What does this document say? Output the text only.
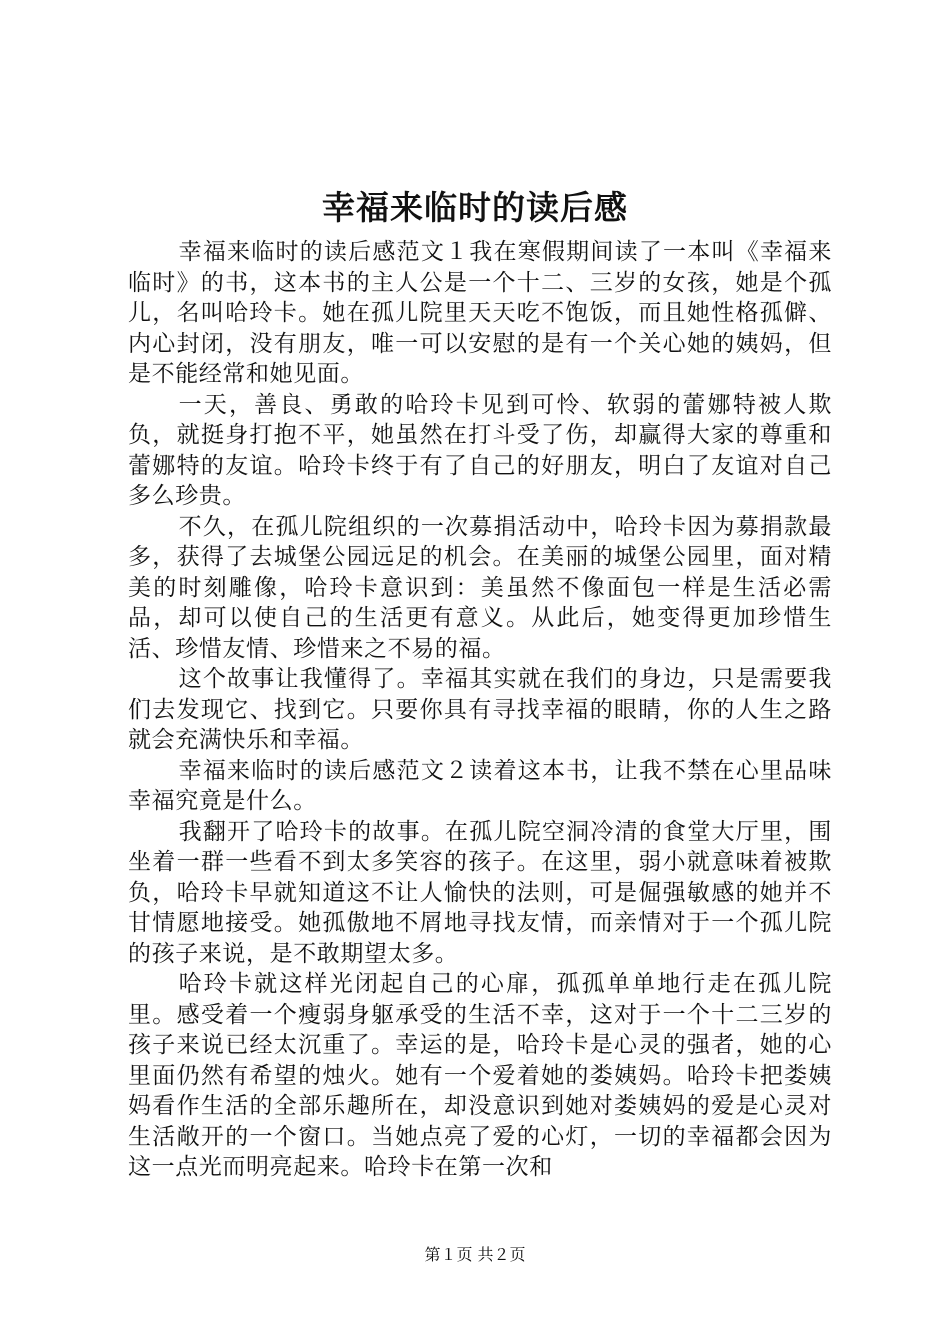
幸福来临时的读后感

幸福来临时的读后感范文１我在寒假期间读了一本叫《幸福来临时》的书，这本书的主人公是一个十二、三岁的女孩，她是个孤儿，名叫哈玲卡。她在孤儿院里天天吃不饱饭，而且她性格孤僻、内心封闭，没有朋友，唯一可以安慰的是有一个关心她的姨妈，但是不能经常和她见面。

一天，善良、勇敢的哈玲卡见到可怜、软弱的蕾娜特被人欺负，就挺身打抱不平，她虽然在打斗受了伤，却赢得大家的尊重和蕾娜特的友谊。哈玲卡终于有了自己的好朋友，明白了友谊对自己多么珍贵。

不久，在孤儿院组织的一次募捐活动中，哈玲卡因为募捐款最多，获得了去城堡公园远足的机会。在美丽的城堡公园里，面对精美的时刻雕像，哈玲卡意识到：美虽然不像面包一样是生活必需品，却可以使自己的生活更有意义。从此后，她变得更加珍惜生活、珍惜友情、珍惜来之不易的福。

这个故事让我懂得了。幸福其实就在我们的身边，只是需要我们去发现它、找到它。只要你具有寻找幸福的眼睛，你的人生之路就会充满快乐和幸福。

幸福来临时的读后感范文２读着这本书，让我不禁在心里品味幸福究竟是什么。

我翻开了哈玲卡的故事。在孤儿院空洞冷清的食堂大厅里，围坐着一群一些看不到太多笑容的孩子。在这里，弱小就意味着被欺负，哈玲卡早就知道这不让人愉快的法则，可是倔强敏感的她并不甘情愿地接受。她孤傲地不屑地寻找友情，而亲情对于一个孤儿院的孩子来说，是不敢期望太多。

哈玲卡就这样光闭起自己的心扉，孤孤单单地行走在孤儿院里。感受着一个瘦弱身躯承受的生活不幸，这对于一个十二三岁的孩子来说已经太沉重了。幸运的是，哈玲卡是心灵的强者，她的心里面仍然有希望的烛火。她有一个爱着她的娄姨妈。哈玲卡把娄姨妈看作生活的全部乐趣所在，却没意识到她对娄姨妈的爱是心灵对生活敞开的一个窗口。当她点亮了爱的心灯，一切的幸福都会因为这一点光而明亮起来。哈玲卡在第一次和

第１页 共２页
